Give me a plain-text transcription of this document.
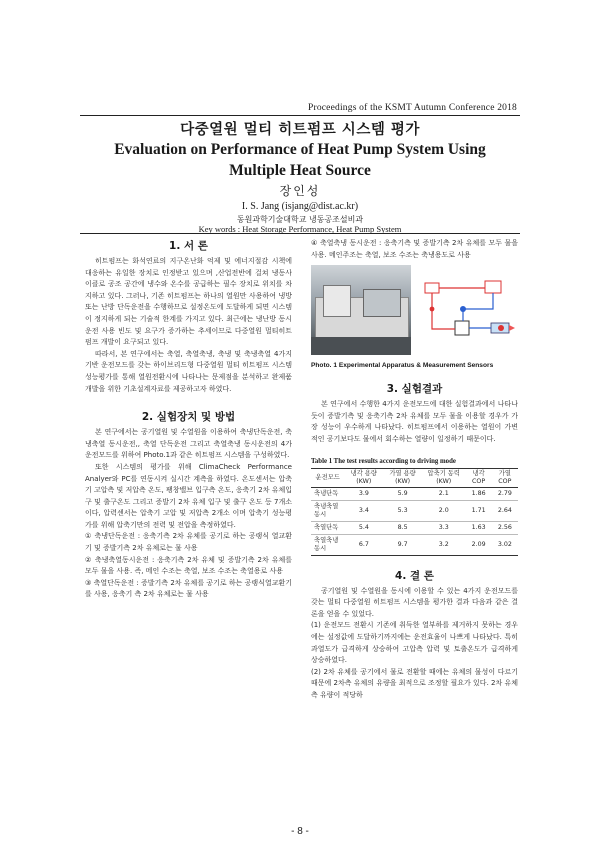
Proceedings of the KSMT Autumn Conference 2018
다중열원 멀티 히트펌프 시스템 평가
Evaluation on Performance of Heat Pump System Using
Multiple Heat Source
장인성
I. S. Jang (isjang@dist.ac.kr)
동원과학기술대학교 냉동공조설비과
Key words : Heat Storage Performance, Heat Pump System
1. 서 론

히트펌프는 화석연료의 지구온난화 억제 및 에너지절감 시책에 대응하는 유일한 장치로 인정받고 있으며 ,산업전반에 걸쳐 냉동사이클로 공조 공간에 냉수와 온수를 공급하는 필수 장치로 위치를 차지하고 있다. 그러나, 기존 히트펌프는 하나의 열원만 사용하여 냉방 또는 난방 단독운전을 수행하므로 설정온도에 도달하게 되면 시스템이 정지하게 되는 기술적 한계를 가지고 있다. 최근에는 냉난방 동시운전 사용 빈도 및 요구가 증가하는 추세이므로 다중열원 멀티히트펌프 개발이 요구되고 있다.

따라서, 본 연구에서는 축열, 축열축냉, 축냉 및 축냉축열 4가지 기반 운전모드를 갖는 하이브리드형 다중열원 멀티 히트펌프 시스템 성능평가를 통해 열원전환시에 나타나는 문제점을 분석하고 완제품 개발을 위한 기초설계자료를 제공하고자 하였다.

2. 실험장치 및 방법

본 연구에서는 공기열원 및 수열원을 이용하여 축냉단독운전, 축냉축열 동시운전,, 축열 단독운전 그리고 축열축냉 동시운전의 4가 운전모드를 위하여 Photo.1과 같은 히트펌프 시스템을 구성하였다.

또한 시스템의 평가를 위해 ClimaCheck Performance Analyer와 PC를 연동시켜 실시간 계측을 하였다. 온도센서는 압축기 고압측 및 저압측 온도, 팽창밸브 입구측 온도, 응축기 2차 유체입구 및 출구온도 그리고 증발기 2차 유체 입구 및 출구 온도 등 7개소이다, 압력센서는 압축기 고압 및 저압측 2개소 이며 압축기 성능평가를 위해 압축기만의 전력 및 전압을 측정하였다.

① 축냉단독운전 : 응축기측 2차 유체를 공기로 하는 공랭식 열교환기 및 증발기측 2차 유체로는 물 사용

② 축냉축열동시운전 : 응축기측 2차 유체 및 증발기측 2차 유체를 모두 물을 사용. 즉, 메인 수조는 축열, 보조 수조는 축열용로 사용

③ 축열단독운전 : 증발기측 2차 유체를 공기로 하는 공랭식열교환기를 사용, 응축기 측 2차 유체로는 물 사용

④ 축열축냉 동시운전 : 응축기측 및 증발기측 2차 유체를 모두 물을 사용. 메인주조는 축열, 보조 수조는 축냉용도로 사용

Photo. 1 Experimental Apparatus & Measurement Sensors
3. 실험결과

본 연구에서 수행한 4가지 운전모드에 대한 실험결과에서 나타나듯이 증발기측 및 응축기측 2차 유체를 모두 물을 이용할 경우가 가장 성능이 우수하게 나타났다. 히트펌프에서 이용하는 열원이 가변적인 공기보다도 물에서 회수하는 열량이 일정하기 때문이다.

Table 1 The test results according to driving mode
운전모드	냉각 용량 (KW)	가열 용량 (KW)	압축기 동력 (KW)	냉각 COP	가열 COP
축냉단독	3.9	5.9	2.1	1.86	2.79
축냉축열동시	3.4	5.3	2.0	1.71	2.64
축열단독	5.4	8.5	3.3	1.63	2.56
축열축냉동시	6.7	9.7	3.2	2.09	3.02
4. 결 론

공기열원 및 수열원을 동시에 이용할 수 있는 4가지 운전모드를 갖는 멀티 다중열원 히트펌프 시스템을 평가한 결과 다음과 같은 결론을 얻을 수 있었다.

(1) 운전모드 전환시 기존에 취득한 열부하를 제거하지 못하는 경우에는 설정값에 도달하기까지에는 운전효율이 나쁘게 나타났다. 특히 과열도가 급격하게 상승하여 고압측 압력 및 토출온도가 급격하게 상승하였다.

(2) 2차 유체를 공기에서 물로 전환할 때에는 유체의 물성이 다르기 때문에 2차측 유체의 유량을 최적으로 조정할 필요가 있다. 2차 유체측 유량이 적당하

- 8 -
